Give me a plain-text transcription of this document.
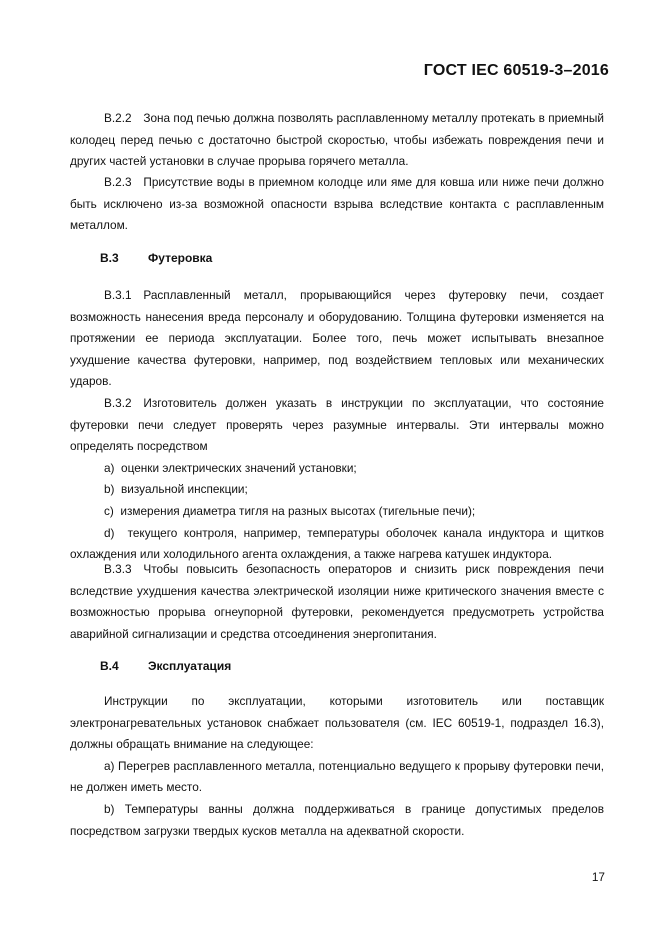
ГОСТ IEC 60519-3–2016

В.2.2 Зона под печью должна позволять расплавленному металлу протекать в приемный колодец перед печью с достаточно быстрой скоростью, чтобы избежать повреждения печи и других частей установки в случае прорыва горячего металла.

В.2.3 Присутствие воды в приемном колодце или яме для ковша или ниже печи должно быть исключено из-за возможной опасности взрыва вследствие контакта с расплавленным металлом.

В.3 Футеровка

В.3.1 Расплавленный металл, прорывающийся через футеровку печи, создает возможность нанесения вреда персоналу и оборудованию. Толщина футеровки изменяется на протяжении ее периода эксплуатации. Более того, печь может испытывать внезапное ухудшение качества футеровки, например, под воздействием тепловых или механических ударов.

В.3.2 Изготовитель должен указать в инструкции по эксплуатации, что состояние футеровки печи следует проверять через разумные интервалы. Эти интервалы можно определять посредством

a)  оценки электрических значений установки;

b)  визуальной инспекции;

c)  измерения диаметра тигля на разных высотах (тигельные печи);

d)  текущего контроля, например, температуры оболочек канала индуктора и щитков охлаждения или холодильного агента охлаждения, а также нагрева катушек индуктора.

В.3.3 Чтобы повысить безопасность операторов и снизить риск повреждения печи вследствие ухудшения качества электрической изоляции ниже критического значения вместе с возможностью прорыва огнеупорной футеровки, рекомендуется предусмотреть устройства аварийной сигнализации и средства отсоединения энергопитания.

В.4 Эксплуатация

Инструкции по эксплуатации, которыми изготовитель или поставщик электронагревательных установок снабжает пользователя (см. IEC 60519-1, подраздел 16.3), должны обращать внимание на следующее:

a) Перегрев расплавленного металла, потенциально ведущего к прорыву футеровки печи, не должен иметь место.

b) Температуры ванны должна поддерживаться в границе допустимых пределов посредством загрузки твердых кусков металла на адекватной скорости.

17
